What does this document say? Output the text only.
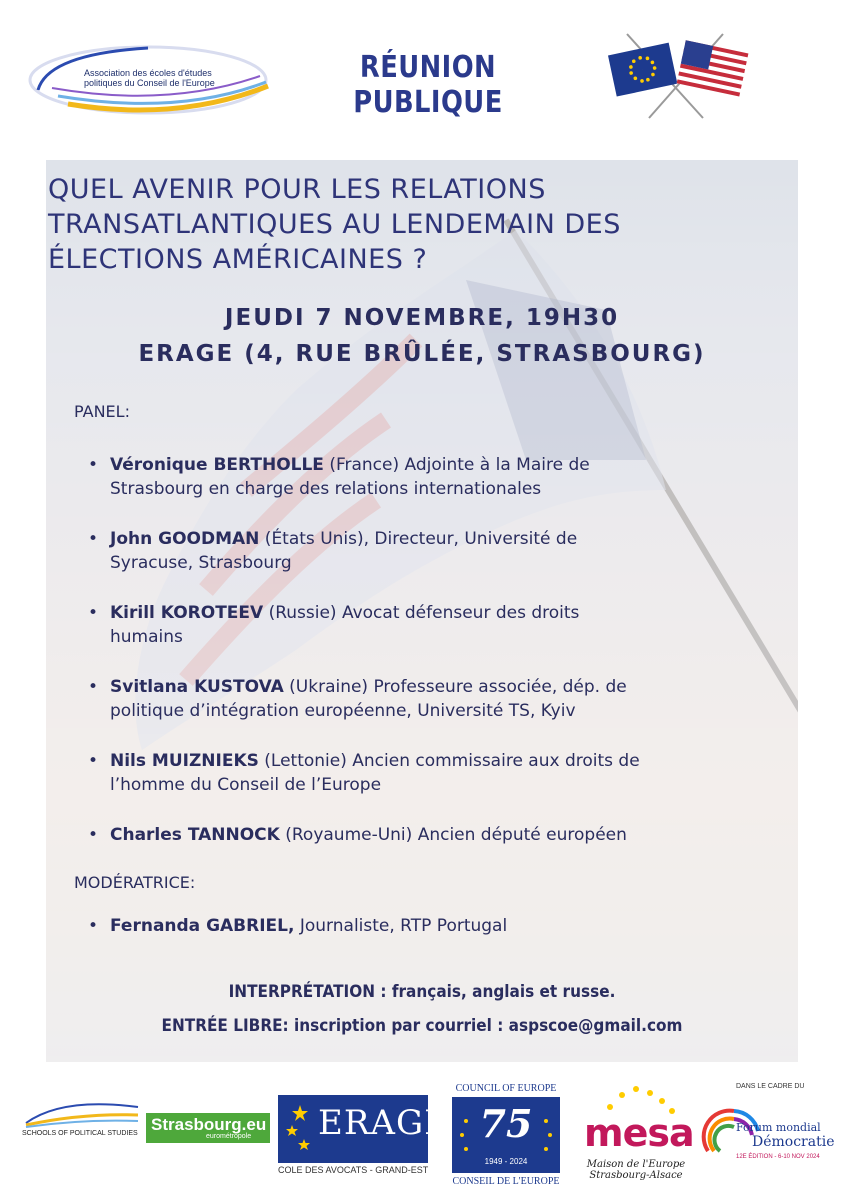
Association des écoles d'études politiques du Conseil de l'Europe	RÉUNION PUBLIQUE
QUEL AVENIR POUR LES RELATIONS
TRANSATLANTIQUES AU LENDEMAIN DES
ÉLECTIONS AMÉRICAINES ?
JEUDI 7 NOVEMBRE, 19H30
ERAGE (4, RUE BRÛLÉE, STRASBOURG)
PANEL:
• Véronique BERTHOLLE (France) Adjointe à la Maire de
Strasbourg en charge des relations internationales
• John GOODMAN (États Unis), Directeur, Université de
Syracuse, Strasbourg
• Kirill KOROTEEV (Russie) Avocat défenseur des droits
humains
• Svitlana KUSTOVA (Ukraine) Professeure associée, dép. de
politique d’intégration européenne, Université TS, Kyiv
• Nils MUIZNIEKS (Lettonie) Ancien commissaire aux droits de
l’homme du Conseil de l’Europe
• Charles TANNOCK (Royaume-Uni) Ancien député européen
MODÉRATRICE:
• Fernanda GABRIEL, Journaliste, RTP Portugal
INTERPRÉTATION : français, anglais et russe.
ENTRÉE LIBRE: inscription par courriel : aspscoe@gmail.com
SCHOOLS OF POLITICAL STUDIES Strasbourg.eu
eurométropole ERAGE
COLE DES AVOCATS - GRAND-EST
COUNCIL OF EUROPE
75
1949 - 2024
CONSEIL DE L'EUROPE
mesa
Maison de l'Europe Strasbourg-Alsace
DANS LE CADRE DU
Forum mondial
Démocratie
12E ÉDITION - 6-10 NOV 2024
